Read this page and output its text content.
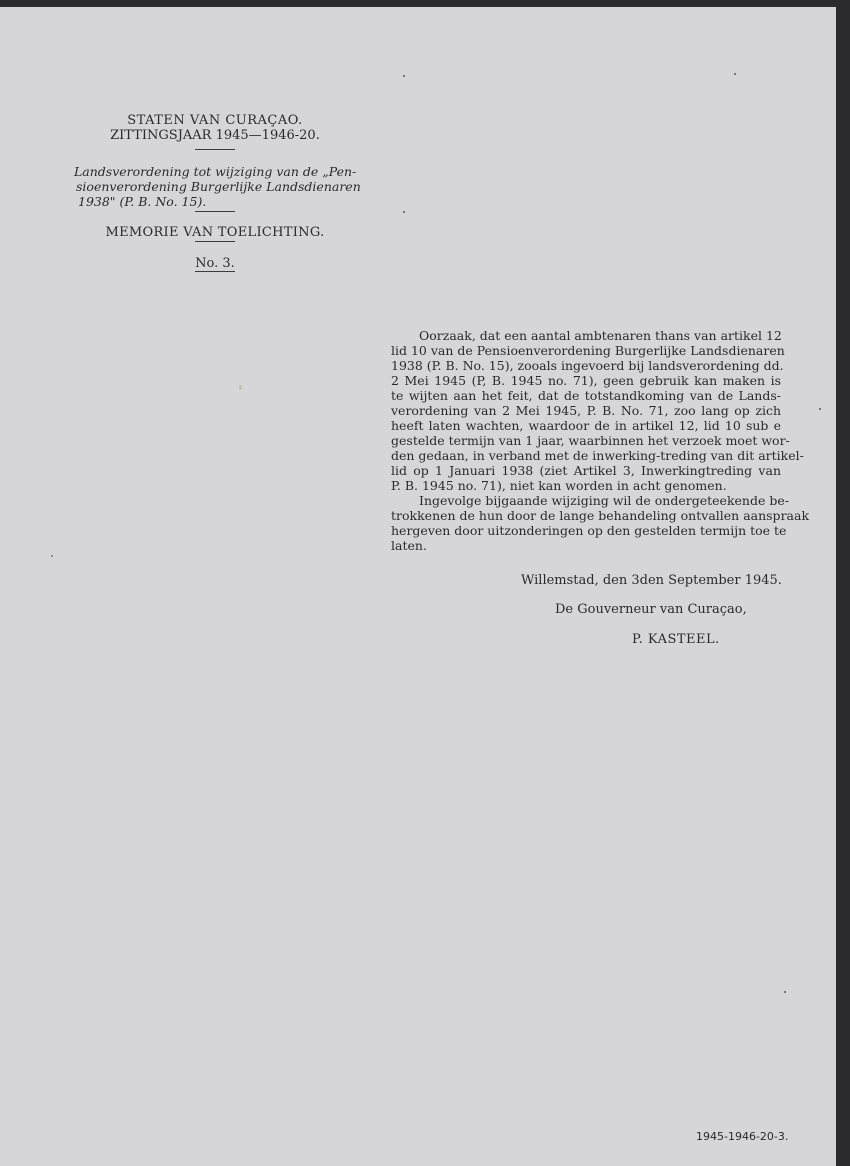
STATEN VAN CURAÇAO.
ZITTINGSJAAR 1945—1946-20.
Landsverordening tot wijziging van de „Pen-
sioenverordening Burgerlijke Landsdienaren
1938" (P. B. No. 15).
MEMORIE VAN TOELICHTING.
No. 3.

Oorzaak, dat een aantal ambtenaren thans van artikel 12
lid 10 van de Pensioenverordening Burgerlijke Landsdienaren
1938 (P. B. No. 15), zooals ingevoerd bij landsverordening dd.
2 Mei 1945 (P, B. 1945 no. 71), geen gebruik kan maken is
te wijten aan het feit, dat de totstandkoming van de Lands-
verordening van 2 Mei 1945, P. B. No. 71, zoo lang op zich
heeft laten wachten, waardoor de in artikel 12, lid 10 sub e
gestelde termijn van 1 jaar, waarbinnen het verzoek moet wor-
den gedaan, in verband met de inwerking-treding van dit artikel-
lid op 1 Januari 1938 (ziet Artikel 3, Inwerkingtreding van
P. B. 1945 no. 71), niet kan worden in acht genomen.

Ingevolge bijgaande wijziging wil de ondergeteekende be-
trokkenen de hun door de lange behandeling ontvallen aanspraak
hergeven door uitzonderingen op den gestelden termijn toe te
laten.

Willemstad, den 3den September 1945.
De Gouverneur van Curaçao,
P. KASTEEL.
1945-1946-20-3.
